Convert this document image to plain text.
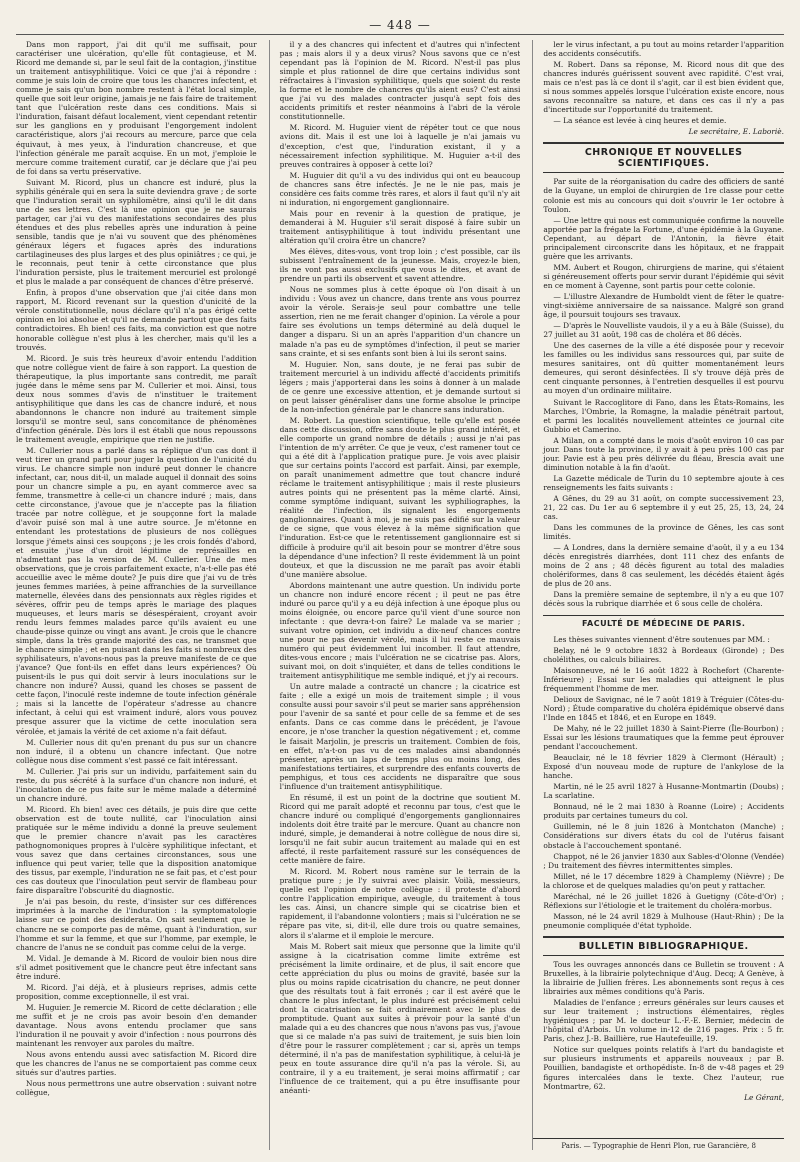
— 448 —

Dans mon rapport, j'ai dit qu'il me suffisait, pour caractériser une ulcération, qu'elle fût contagieuse, et M. Ricord me demande si, par le seul fait de la contagion, j'institue un traitement antisyphilitique. Voici ce que j'ai à répondre : comme je suis loin de croire que tous les chancres infectent, et comme je sais qu'un bon nombre restent à l'état local simple, quelle que soit leur origine, jamais je ne fais faire de traitement tant que l'ulcération reste dans ces conditions. Mais si l'induration, faisant défaut localement, vient cependant retentir sur les ganglions en y produisant l'engorgement indolent caractéristique, alors j'ai recours au mercure, parce que cela équivaut, à mes yeux, à l'induration chancreuse, et que l'infection générale me paraît acquise. En un mot, j'emploie le mercure comme traitement curatif, car je déclare que j'ai peu de foi dans sa vertu préservative.

Suivant M. Ricord, plus un chancre est induré, plus la syphilis générale qui en sera la suite deviendra grave ; de sorte que l'induration serait un syphilomètre, ainsi qu'il le dit dans une de ses lettres. C'est là une opinion que je ne saurais partager, car j'ai vu des manifestations secondaires des plus étendues et des plus rebelles après une induration à peine sensible, tandis que je n'ai vu souvent que des phénomènes généraux légers et fugaces après des indurations cartilagineuses des plus larges et des plus opiniâtres ; ce qui, je le reconnais, peut tenir à cette circonstance que plus l'induration persiste, plus le traitement mercuriel est prolongé et plus le malade a par conséquent de chances d'être préservé.

Enfin, à propos d'une observation que j'ai citée dans mon rapport, M. Ricord revenant sur la question d'unicité de la vérole constitutionnelle, nous déclare qu'il n'a pas érigé cette opinion en loi absolue et qu'il ne demande partout que des faits contradictoires. Eh bien! ces faits, ma conviction est que notre honorable collègue n'est plus à les chercher, mais qu'il les a trouvés.

M. Ricord. Je suis très heureux d'avoir entendu l'addition que notre collègue vient de faire à son rapport. La question de thérapeutique, la plus importante sans contredit, me paraît jugée dans le même sens par M. Cullerier et moi. Ainsi, tous deux nous sommes d'avis de n'instituer le traitement antisyphilitique que dans les cas de chancre induré, et nous abandonnons le chancre non induré au traitement simple lorsqu'il se montre seul, sans concomitance de phénomènes d'infection générale. Dès lors il est établi que nous repoussons le traitement aveugle, empirique que rien ne justifie.

M. Cullerier nous a parlé dans sa réplique d'un cas dont il veut tirer un grand parti pour juger la question de l'unicité du virus. Le chancre simple non induré peut donner le chancre infectant, car, nous dit-il, un malade auquel il donnait des soins pour un chancre simple a pu, en ayant commerce avec sa femme, transmettre à celle-ci un chancre induré ; mais, dans cette circonstance, j'avoue que je n'accepte pas la filiation tracée par notre collègue, et je soupçonne fort la malade d'avoir puisé son mal à une autre source. Je m'étonne en entendant les protestations de plusieurs de nos collègues lorsque j'émets ainsi ces soupçons ; je les crois fondés d'abord, et ensuite j'use d'un droit légitime de représailles en n'admettant pas la version de M. Cullerier. Une de mes observations, que je crois parfaitement exacte, n'a-t-elle pas été accueillie avec le même doute? Je puis dire que j'ai vu de très jeunes femmes mariées, à peine affranchies de la surveillance maternelle, élevées dans des pensionnats aux règles rigides et sévères, offrir peu de temps après le mariage des plaques muqueuses, et leurs maris se désespéraient, croyant avoir rendu leurs femmes malades parce qu'ils avaient eu une chaude-pisse quinze ou vingt ans avant. Je crois que le chancre simple, dans la très grande majorité des cas, ne transmet que le chancre simple ; et en puisant dans les faits si nombreux des syphilisateurs, n'avons-nous pas la preuve manifeste de ce que j'avance? Que font-ils en effet dans leurs expériences? Où puisent-ils le pus qui doit servir à leurs inoculations sur le chancre non induré? Aussi, quand les choses se passent de cette façon, l'inoculé reste indemne de toute infection générale ; mais si la lancette de l'opérateur s'adresse au chancre infectant, à celui qui est vraiment induré, alors vous pouvez presque assurer que la victime de cette inoculation sera vérolée, et jamais la vérité de cet axiome n'a fait défaut.

M. Cullerier nous dit qu'en prenant du pus sur un chancre non induré, il a obtenu un chancre infectant. Que notre collègue nous dise comment s'est passé ce fait intéressant.

M. Cullerier. J'ai pris sur un individu, parfaitement sain du reste, du pus sécrété à la surface d'un chancre non induré, et l'inoculation de ce pus faite sur le même malade a déterminé un chancre induré.

M. Ricord. Eh bien! avec ces détails, je puis dire que cette observation est de toute nullité, car l'inoculation ainsi pratiquée sur le même individu a donné la preuve seulement que le premier chancre n'avait pas les caractères pathognomoniques propres à l'ulcère syphilitique infectant, et vous savez que dans certaines circonstances, sous une influence qui peut varier, telle que la disposition anatomique des tissus, par exemple, l'induration ne se fait pas, et c'est pour ces cas douteux que l'inoculation peut servir de flambeau pour faire disparaître l'obscurité du diagnostic.

Je n'ai pas besoin, du reste, d'insister sur ces différences imprimées à la marche de l'induration : la symptomatologie laisse sur ce point des desiderata. On sait seulement que le chancre ne se comporte pas de même, quant à l'induration, sur l'homme et sur la femme, et que sur l'homme, par exemple, le chancre de l'anus ne se conduit pas comme celui de la verge.

M. Vidal. Je demande à M. Ricord de vouloir bien nous dire s'il admet positivement que le chancre peut être infectant sans être induré.

M. Ricord. J'ai déjà, et à plusieurs reprises, admis cette proposition, comme exceptionnelle, il est vrai.

M. Huguier. Je remercie M. Ricord de cette déclaration ; elle me suffit et je ne crois pas avoir besoin d'en demander davantage. Nous avons entendu proclamer que sans l'induration il ne pouvait y avoir d'infection : nous pourrons dès maintenant les renvoyer aux paroles du maître.

Nous avons entendu aussi avec satisfaction M. Ricord dire que les chancres de l'anus ne se comportaient pas comme ceux situés sur d'autres parties.

Nous nous permettrons une autre observation : suivant notre collègue,

il y a des chancres qui infectent et d'autres qui n'infectent pas ; mais alors il y a deux virus? Nous savons que ce n'est cependant pas là l'opinion de M. Ricord. N'est-il pas plus simple et plus rationnel de dire que certains individus sont réfractaires à l'invasion syphilitique, quels que soient du reste la forme et le nombre de chancres qu'ils aient eus? C'est ainsi que j'ai vu des malades contracter jusqu'à sept fois des accidents primitifs et rester néanmoins à l'abri de la vérole constitutionnelle.

M. Ricord. M. Huguier vient de répéter tout ce que nous avions dit. Mais il est une loi à laquelle je n'ai jamais vu d'exception, c'est que, l'induration existant, il y a nécessairement infection syphilitique. M. Huguier a-t-il des preuves contraires à opposer à cette loi?

M. Huguier dit qu'il a vu des individus qui ont eu beaucoup de chancres sans être infectés. Je ne le nie pas, mais je considère ces faits comme très rares, et alors il faut qu'il n'y ait ni induration, ni engorgement ganglionnaire.

Mais pour en revenir à la question de pratique, je demanderai à M. Huguier s'il serait disposé à faire subir un traitement antisyphilitique à tout individu présentant une altération qu'il croira être un chancre?

Mes élèves, dites-vous, vont trop loin ; c'est possible, car ils subissent l'entraînement de la jeunesse. Mais, croyez-le bien, ils ne vont pas aussi exclusifs que vous le dites, et avant de prendre un parti ils observent et savent attendre.

Nous ne sommes plus à cette époque où l'on disait à un individu : Vous avez un chancre, dans trente ans vous pourrez avoir la vérole. Serais-je seul pour combattre une telle assertion, rien ne me ferait changer d'opinion. La vérole a pour faire ses évolutions un temps déterminé au delà duquel le danger a disparu. Si un an après l'apparition d'un chancre un malade n'a pas eu de symptômes d'infection, il peut se marier sans crainte, et si ses enfants sont bien à lui ils seront sains.

M. Huguier. Non, sans doute, je ne ferai pas subir de traitement mercuriel à un individu affecté d'accidents primitifs légers ; mais j'apporterai dans les soins à donner à un malade de ce genre une excessive attention, et je demande surtout si on peut laisser généraliser dans une forme absolue le principe de la non-infection générale par le chancre sans induration.

M. Robert. La question scientifique, telle qu'elle est posée dans cette discussion, offre sans doute le plus grand intérêt, et elle comporte un grand nombre de détails ; aussi je n'ai pas l'intention de m'y arrêter. Ce que je veux, c'est ramener tout ce qui a été dit à l'application pratique pure. Je vois avec plaisir que sur certains points l'accord est parfait. Ainsi, par exemple, on paraît unanimement admettre que tout chancre induré réclame le traitement antisyphilitique ; mais il reste plusieurs autres points qui ne présentent pas la même clarté. Ainsi, comme symptôme indiquant, suivant les syphiliographes, la réalité de l'infection, ils signalent les engorgements ganglionnaires. Quant à moi, je ne suis pas édifié sur la valeur de ce signe, que vous élevez à la même signification que l'induration. Est-ce que le retentissement ganglionnaire est si difficile à produire qu'il ait besoin pour se montrer d'être sous la dépendance d'une infection? Il reste évidemment là un point douteux, et que la discussion ne me paraît pas avoir établi d'une manière absolue.

Abordons maintenant une autre question. Un individu porte un chancre non induré encore récent ; il peut ne pas être induré ou parce qu'il y a eu déjà infection à une époque plus ou moins éloignée, ou encore parce qu'il vient d'une source non infectante : que devra-t-on faire? Le malade va se marier ; suivant votre opinion, cet individu a dix-neuf chances contre une pour ne pas devenir vérolé, mais il lui reste ce mauvais numéro qui peut évidemment lui incomber. Il faut attendre, dites-vous encore ; mais l'ulcération ne se cicatrise pas. Alors, suivant moi, on doit s'inquiéter, et dans de telles conditions le traitement antisyphilitique me semble indiqué, et j'y ai recours.

Un autre malade a contracté un chancre ; la cicatrice est faite ; elle a exigé un mois de traitement simple ; il vous consulte aussi pour savoir s'il peut se marier sans appréhension pour l'avenir de sa santé et pour celle de sa femme et de ses enfants. Dans ce cas comme dans le précédent, je l'avoue encore, je n'ose trancher la question négativement ; et, comme le faisait Marjolin, je prescris un traitement. Combien de fois, en effet, n'a-t-on pas vu de ces malades ainsi abandonnés présenter, après un laps de temps plus ou moins long, des manifestations tertiaires, et surprendre des enfants couverts de pemphigus, et tous ces accidents ne disparaître que sous l'influence d'un traitement antisyphilitique.

En résumé, il est un point de la doctrine que soutient M. Ricord qui me paraît adopté et reconnu par tous, c'est que le chancre induré ou compliqué d'engorgements ganglionnaires indolents doit être traité par le mercure. Quant au chancre non induré, simple, je demanderai à notre collègue de nous dire si, lorsqu'il ne fait subir aucun traitement au malade qui en est affecté, il reste parfaitement rassuré sur les conséquences de cette manière de faire.

M. Ricord. M. Robert nous ramène sur le terrain de la pratique pure ; je l'y suivrai avec plaisir. Voilà, messieurs, quelle est l'opinion de notre collègue : il proteste d'abord contre l'application empirique, aveugle, du traitement à tous les cas. Ainsi, un chancre simple qui se cicatrise bien et rapidement, il l'abandonne volontiers ; mais si l'ulcération ne se répare pas vite, si, dit-il, elle dure trois ou quatre semaines, alors il s'alarme et il emploie le mercure.

Mais M. Robert sait mieux que personne que la limite qu'il assigne à la cicatrisation comme limite extrême est précisément la limite ordinaire, et de plus, il sait encore que cette appréciation du plus ou moins de gravité, basée sur la plus ou moins rapide cicatrisation du chancre, ne peut donner que des résultats tout à fait erronés ; car il est avéré que le chancre le plus infectant, le plus induré est précisément celui dont la cicatrisation se fait ordinairement avec le plus de promptitude. Quant aux suites à prévoir pour la santé d'un malade qui a eu des chancres que nous n'avons pas vus, j'avoue que si ce malade n'a pas suivi de traitement, je suis bien loin d'être pour le rassurer complètement ; car si, après un temps déterminé, il n'a pas de manifestation syphilitique, à celui-là je peux en toute assurance dire qu'il n'a pas la vérole. Si, au contraire, il y a eu traitement, je serai moins affirmatif ; car l'influence de ce traitement, qui a pu être insuffisante pour anéanti-

ler le virus infectant, a pu tout au moins retarder l'apparition des accidents consécutifs.

M. Robert. Dans sa réponse, M. Ricord nous dit que des chancres indurés guérissent souvent avec rapidité. C'est vrai, mais ce n'est pas là ce dont il s'agit, car il est bien évident que, si nous sommes appelés lorsque l'ulcération existe encore, nous savons reconnaître sa nature, et dans ces cas il n'y a pas d'incertitude sur l'opportunité du traitement.

— La séance est levée à cinq heures et demie.

Le secrétaire, E. Laboriè.
CHRONIQUE ET NOUVELLES SCIENTIFIQUES.

Par suite de la réorganisation du cadre des officiers de santé de la Guyane, un emploi de chirurgien de 1re classe pour cette colonie est mis au concours qui doit s'ouvrir le 1er octobre à Toulon.

— Une lettre qui nous est communiquée confirme la nouvelle apportée par la frégate la Fortune, d'une épidémie à la Guyane. Cependant, au départ de l'Antonin, la fièvre était principalement circonscrite dans les hôpitaux, et ne frappait guère que les arrivants.

MM. Aubert et Rougon, chirurgiens de marine, qui s'étaient si généreusement offerts pour servir durant l'épidémie qui sévit en ce moment à Cayenne, sont partis pour cette colonie.

— L'illustre Alexandre de Humboldt vient de fêter le quatre-vingt-sixième anniversaire de sa naissance. Malgré son grand âge, il poursuit toujours ses travaux.

— D'après le Nouvelliste vaudois, il y a eu à Bâle (Suisse), du 27 juillet au 31 août, 198 cas de choléra et 86 décès.

Une des casernes de la ville a été disposée pour y recevoir les familles ou les individus sans ressources qui, par suite de mesures sanitaires, ont dû quitter momentanément leurs demeures, qui seront désinfectées. Il s'y trouve déjà près de cent cinquante personnes, à l'entretien desquelles il est pourvu au moyen d'un ordinaire militaire.

Suivant le Raccoglitore di Fano, dans les États-Romains, les Marches, l'Ombrie, la Romagne, la maladie pénétrait partout, et parmi les localités nouvellement atteintes ce journal cite Gubbio et Camerino.

A Milan, on a compté dans le mois d'août environ 10 cas par jour. Dans toute la province, il y avait à peu près 100 cas par jour. Pavie est à peu près délivrée du fléau, Brescia avait une diminution notable à la fin d'août.

La Gazette médicale de Turin du 10 septembre ajoute à ces renseignements les faits suivants :

A Gênes, du 29 au 31 août, on compte successivement 23, 21, 22 cas. Du 1er au 6 septembre il y eut 25, 25, 13, 24, 24 cas.

Dans les communes de la province de Gênes, les cas sont limités.

— A Londres, dans la dernière semaine d'août, il y a eu 134 décès enregistrés diarrhées, dont 111 chez des enfants de moins de 2 ans ; 48 décès figurent au total des maladies cholériformes, dans 8 cas seulement, les décédés étaient âgés de plus de 20 ans.

Dans la première semaine de septembre, il n'y a eu que 107 décès sous la rubrique diarrhée et 6 sous celle de choléra.

FACULTÉ DE MÉDECINE DE PARIS.

Les thèses suivantes viennent d'être soutenues par MM. :

Belay, né le 9 octobre 1832 à Bordeaux (Gironde) ; Des cholélithes, ou calculs biliaires.

Maisonneuve, né le 16 août 1822 à Rochefort (Charente-Inférieure) ; Essai sur les maladies qui atteignent le plus fréquemment l'homme de mer.

Delioux de Savignac, né le 7 août 1819 à Tréguier (Côtes-du-Nord) ; Étude comparative du choléra épidémique observé dans l'Inde en 1845 et 1846, et en Europe en 1849.

De Mahy, né le 22 juillet 1830 à Saint-Pierre (Île-Bourbon) ; Essai sur les lésions traumatiques que la femme peut éprouver pendant l'accouchement.

Beauclair, né le 18 février 1829 à Clermont (Hérault) ; Exposé d'un nouveau mode de rupture de l'ankylose de la hanche.

Martin, né le 25 avril 1827 à Husanne-Montmartin (Doubs) ; La scarlatine.

Bonnaud, né le 2 mai 1830 à Roanne (Loire) ; Accidents produits par certaines tumeurs du col.

Guillemin, né le 8 juin 1826 à Montchaton (Manche) ; Considérations sur divers états du col de l'utérus faisant obstacle à l'accouchement spontané.

Chappot, né le 26 janvier 1830 aux Sables-d'Olonne (Vendée) ; Du traitement des fièvres intermittentes simples.

Millet, né le 17 décembre 1829 à Champlemy (Nièvre) ; De la chlorose et de quelques maladies qu'on peut y rattacher.

Maréchal, né le 26 juillet 1826 à Guetigny (Côte-d'Or) ; Réflexions sur l'étiologie et le traitement du choléra-morbus.

Masson, né le 24 avril 1829 à Mulhouse (Haut-Rhin) ; De la pneumonie compliquée d'état typhoïde.

BULLETIN BIBLIOGRAPHIQUE.

Tous les ouvrages annoncés dans ce Bulletin se trouvent : A Bruxelles, à la librairie polytechnique d'Aug. Decq; A Genève, à la librairie de Jullien frères. Les abonnements sont reçus à ces librairies aux mêmes conditions qu'à Paris.

Maladies de l'enfance ; erreurs générales sur leurs causes et sur leur traitement ; instructions élémentaires, règles hygiéniques ; par M. le docteur L.-F.-E. Bernier, médecin de l'hôpital d'Arbois. Un volume in-12 de 216 pages. Prix : 5 fr. Paris, chez J.-B. Baillière, rue Hautefeuille, 19.

Notice sur quelques points relatifs à l'art du bandagiste et sur plusieurs instruments et appareils nouveaux ; par B. Pouillien, bandagiste et orthopédiste. In-8 de v-48 pages et 29 figures intercalées dans le texte. Chez l'auteur, rue Montmartre, 62.

Le Gérant,
Paris. — Typographie de Henri Plon, rue Garancière, 8
